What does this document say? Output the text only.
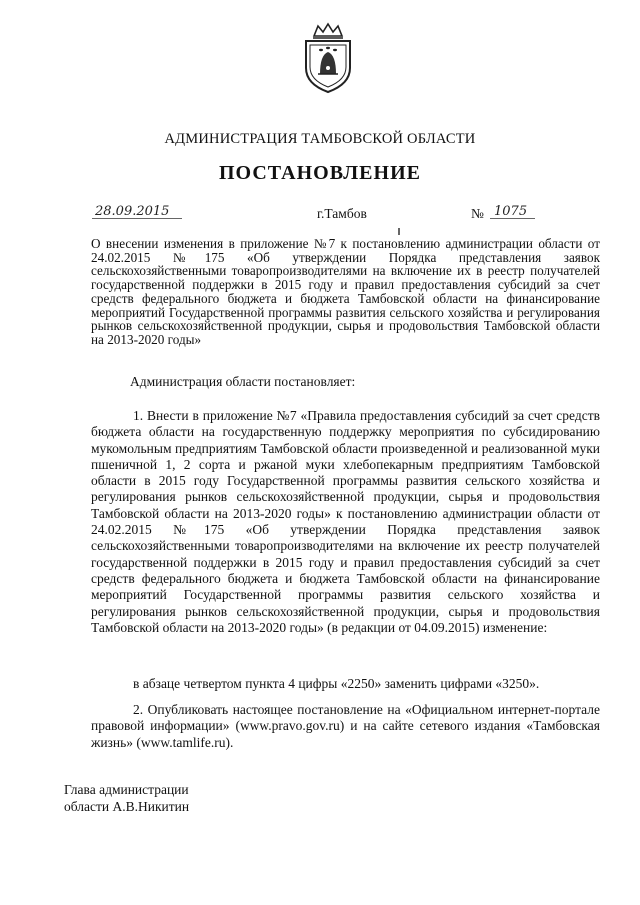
АДМИНИСТРАЦИЯ ТАМБОВСКОЙ ОБЛАСТИ
ПОСТАНОВЛЕНИЕ
28.09.2015	г.Тамбов	№ 1075
О внесении изменения в приложение №7 к постановлению администрации области от 24.02.2015 №175 «Об утверждении Порядка представления заявок сельскохозяйственными товаропроизводителями на включение их в реестр получателей государственной поддержки в 2015 году и правил предоставления субсидий за счет средств федерального бюджета и бюджета Тамбовской области на финансирование мероприятий Государственной программы развития сельского хозяйства и регулирования рынков сельскохозяйственной продукции, сырья и продовольствия Тамбовской области на 2013-2020 годы»
Администрация области постановляет:
1. Внести в приложение №7 «Правила предоставления субсидий за счет средств бюджета области на государственную поддержку мероприятия по субсидированию мукомольным предприятиям Тамбовской области произведенной и реализованной муки пшеничной 1, 2 сорта и ржаной муки хлебопекарным предприятиям Тамбовской области в 2015 году Государственной программы развития сельского хозяйства и регулирования рынков сельскохозяйственной продукции, сырья и продовольствия Тамбовской области на 2013-2020 годы» к постановлению администрации области от 24.02.2015 №175 «Об утверждении Порядка представления заявок сельскохозяйственными товаропроизводителями на включение их реестр получателей государственной поддержки в 2015 году и правил предоставления субсидий за счет средств федерального бюджета и бюджета Тамбовской области на финансирование мероприятий Государственной программы развития сельского хозяйства и регулирования рынков сельскохозяйственной продукции, сырья и продовольствия Тамбовской области на 2013-2020 годы» (в редакции от 04.09.2015) изменение:
в абзаце четвертом пункта 4 цифры «2250» заменить цифрами «3250».
2. Опубликовать настоящее постановление на «Официальном интернет-портале правовой информации» (www.pravo.gov.ru) и на сайте сетевого издания «Тамбовская жизнь» (www.tamlife.ru).
Глава администрации
области А.В.Никитин
